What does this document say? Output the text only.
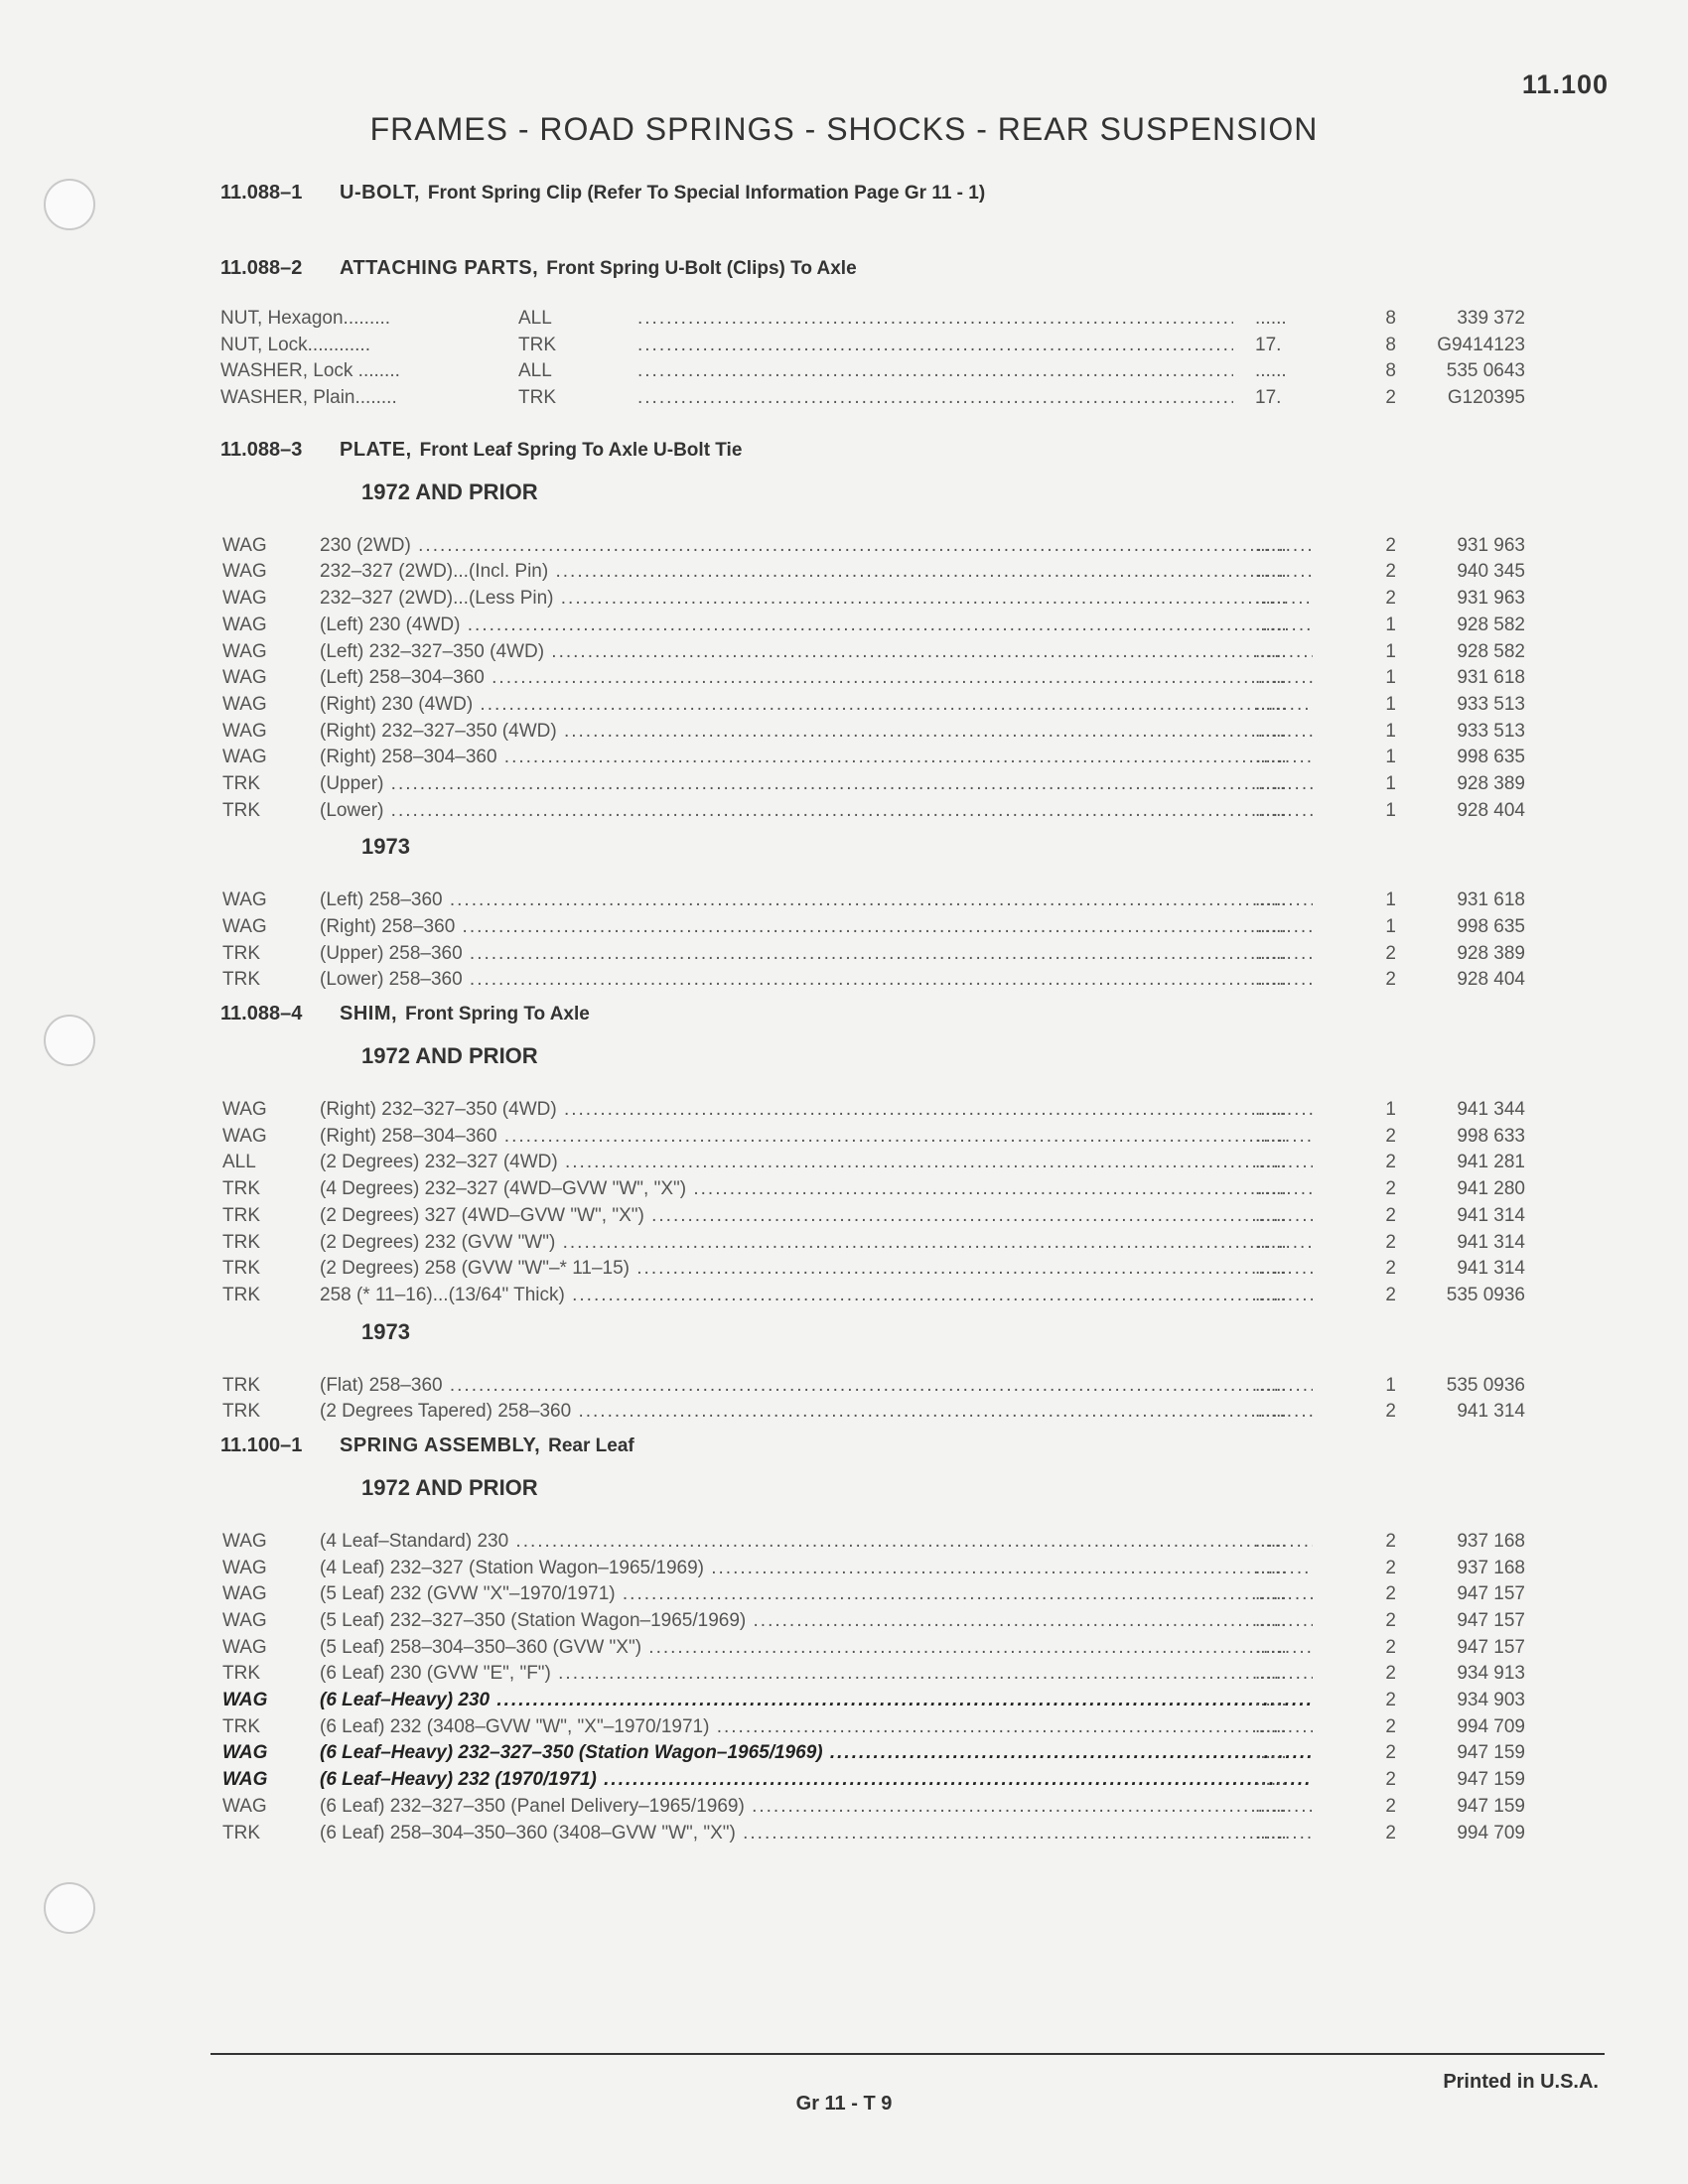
11.100
FRAMES - ROAD SPRINGS - SHOCKS - REAR SUSPENSION
11.088–1 U-BOLT, Front Spring Clip (Refer To Special Information Page Gr 11 - 1)
11.088–2 ATTACHING PARTS, Front Spring U-Bolt (Clips) To Axle
NUT, Hexagon.........	ALL .....	......	8	339 372
NUT, Lock............	TRK .....	17.	8	G9414123
WASHER, Lock ........	ALL .....	......	8	535 0643
WASHER, Plain........	TRK .....	17.	2	G120395
11.088–3 PLATE, Front Leaf Spring To Axle U-Bolt Tie
1972 AND PRIOR
WAG	230 (2WD) .....	......	2	931 963
WAG	232–327 (2WD)...(Incl. Pin) .....	......	2	940 345
WAG	232–327 (2WD)...(Less Pin) .....	......	2	931 963
WAG	(Left) 230 (4WD) .....	......	1	928 582
WAG	(Left) 232–327–350 (4WD) .....	......	1	928 582
WAG	(Left) 258–304–360 .....	......	1	931 618
WAG	(Right) 230 (4WD) .....	......	1	933 513
WAG	(Right) 232–327–350 (4WD) .....	......	1	933 513
WAG	(Right) 258–304–360 .....	......	1	998 635
TRK	(Upper) .....	......	1	928 389
TRK	(Lower) .....	......	1	928 404
1973
WAG	(Left) 258–360 .....	......	1	931 618
WAG	(Right) 258–360 .....	......	1	998 635
TRK	(Upper) 258–360 .....	......	2	928 389
TRK	(Lower) 258–360 .....	......	2	928 404
11.088–4 SHIM, Front Spring To Axle
1972 AND PRIOR
WAG	(Right) 232–327–350 (4WD) .....	......	1	941 344
WAG	(Right) 258–304–360 .....	......	2	998 633
ALL	(2 Degrees) 232–327 (4WD) .....	......	2	941 281
TRK	(4 Degrees) 232–327 (4WD–GVW "W", "X") .....	......	2	941 280
TRK	(2 Degrees) 327 (4WD–GVW "W", "X") .....	......	2	941 314
TRK	(2 Degrees) 232 (GVW "W") .....	......	2	941 314
TRK	(2 Degrees) 258 (GVW "W"–* 11–15) .....	......	2	941 314
TRK	258 (* 11–16)...(13/64" Thick) .....	......	2	535 0936
1973
TRK	(Flat) 258–360 .....	......	1	535 0936
TRK	(2 Degrees Tapered) 258–360 .....	......	2	941 314
11.100–1 SPRING ASSEMBLY, Rear Leaf
1972 AND PRIOR
WAG	(4 Leaf–Standard) 230 .....	......	2	937 168
WAG	(4 Leaf) 232–327 (Station Wagon–1965/1969) .....	......	2	937 168
WAG	(5 Leaf) 232 (GVW "X"–1970/1971) .....	......	2	947 157
WAG	(5 Leaf) 232–327–350 (Station Wagon–1965/1969) .....	......	2	947 157
WAG	(5 Leaf) 258–304–350–360 (GVW "X") .....	......	2	947 157
TRK	(6 Leaf) 230 (GVW "E", "F") .....	......	2	934 913
WAG	(6 Leaf–Heavy) 230 .....	......	2	934 903
TRK	(6 Leaf) 232 (3408–GVW "W", "X"–1970/1971) .....	......	2	994 709
WAG	(6 Leaf–Heavy) 232–327–350 (Station Wagon–1965/1969) .....	......	2	947 159
WAG	(6 Leaf–Heavy) 232 (1970/1971) .....	......	2	947 159
WAG	(6 Leaf) 232–327–350 (Panel Delivery–1965/1969) .....	......	2	947 159
TRK	(6 Leaf) 258–304–350–360 (3408–GVW "W", "X") .....	......	2	994 709
Printed in U.S.A.
Gr 11 - T 9
